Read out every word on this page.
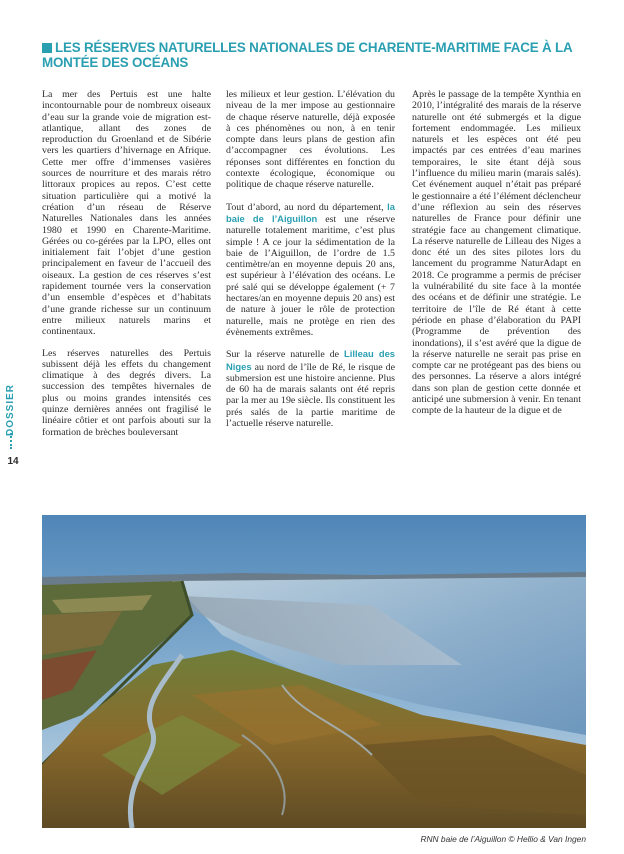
LES RÉSERVES NATURELLES NATIONALES DE CHARENTE-MARITIME FACE À LA MONTÉE DES OCÉANS

La mer des Pertuis est une halte incontournable pour de nombreux oiseaux d’eau sur la grande voie de migration est-atlantique, allant des zones de reproduction du Groenland et de Sibérie vers les quartiers d’hivernage en Afrique. Cette mer offre d’immenses vasières sources de nourriture et des marais rétro littoraux propices au repos. C’est cette situation particulière qui a motivé la création d’un réseau de Réserve Naturelles Nationales dans les années 1980 et 1990 en Charente-Maritime. Gérées ou co-gérées par la LPO, elles ont initialement fait l’objet d’une gestion principalement en faveur de l’accueil des oiseaux. La gestion de ces réserves s’est rapidement tournée vers la conservation d’un ensemble d’espèces et d’habitats d’une grande richesse sur un continuum entre milieux naturels marins et continentaux.

Les réserves naturelles des Pertuis subissent déjà les effets du changement climatique à des degrés divers. La succession des tempêtes hivernales de plus ou moins grandes intensités ces quinze dernières années ont fragilisé le linéaire côtier et ont parfois abouti sur la formation de brèches bouleversant

les milieux et leur gestion. L’élévation du niveau de la mer impose au gestionnaire de chaque réserve naturelle, déjà exposée à ces phénomènes ou non, à en tenir compte dans leurs plans de gestion afin d’accompagner ces évolutions. Les réponses sont différentes en fonction du contexte écologique, économique ou politique de chaque réserve naturelle.

Tout d’abord, au nord du département, la baie de l’Aiguillon est une réserve naturelle totalement maritime, c’est plus simple ! A ce jour la sédimentation de la baie de l’Aiguillon, de l’ordre de 1.5 centimètre/an en moyenne depuis 20 ans, est supérieur à l’élévation des océans. Le pré salé qui se développe également (+ 7 hectares/an en moyenne depuis 20 ans) est de nature à jouer le rôle de protection naturelle, mais ne protège en rien des évènements extrêmes.

Sur la réserve naturelle de Lilleau des Niges au nord de l’île de Ré, le risque de submersion est une histoire ancienne. Plus de 60 ha de marais salants ont été repris par la mer au 19e siècle. Ils constituent les prés salés de la partie maritime de l’actuelle réserve naturelle.

Après le passage de la tempête Xynthia en 2010, l’intégralité des marais de la réserve naturelle ont été submergés et la digue fortement endommagée. Les milieux naturels et les espèces ont été peu impactés par ces entrées d’eau marines temporaires, le site étant déjà sous l’influence du milieu marin (marais salés). Cet événement auquel n’était pas préparé le gestionnaire a été l’élément déclencheur d’une réflexion au sein des réserves naturelles de France pour définir une stratégie face au changement climatique. La réserve naturelle de Lilleau des Niges a donc été un des sites pilotes lors du lancement du programme NaturAdapt en 2018. Ce programme a permis de préciser la vulnérabilité du site face à la montée des océans et de définir une stratégie. Le territoire de l’île de Ré étant à cette période en phase d’élaboration du PAPI (Programme de prévention des inondations), il s’est avéré que la digue de la réserve naturelle ne serait pas prise en compte car ne protégeant pas des biens ou des personnes. La réserve a alors intégré dans son plan de gestion cette donnée et anticipé une submersion à venir. En tenant compte de la hauteur de la digue et de

DOSSIER
14
RNN baie de l’Aiguillon © Hellio & Van Ingen
